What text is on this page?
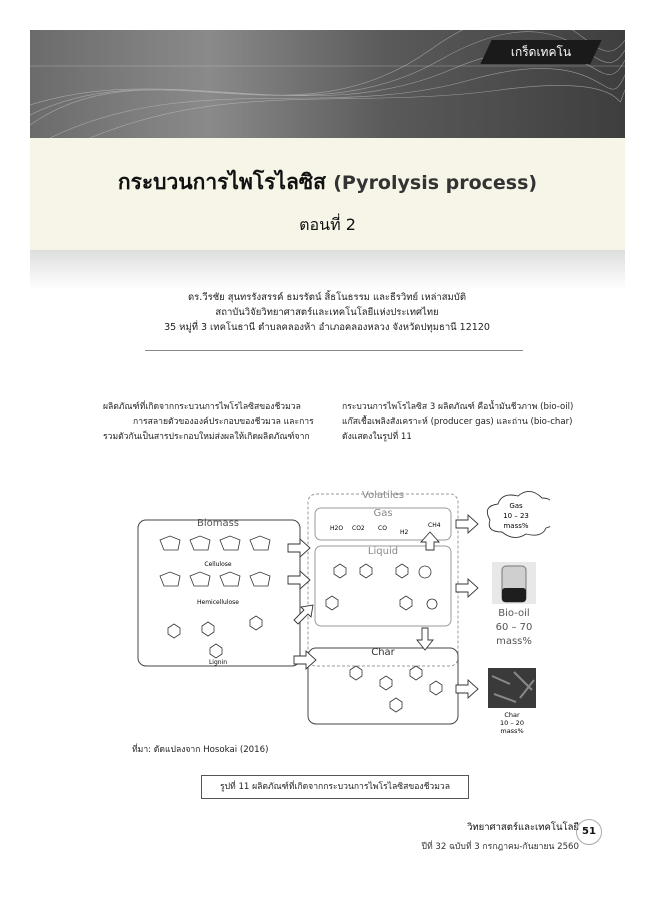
เกร็ดเทคโน
กระบวนการไพโรไลซิส (Pyrolysis process)
ตอนที่ 2
ดร.วีรชัย สุนทรรังสรรค์ ธมรรัตน์ สิ้ธโนธรรม และธีรวิทย์ เหล่าสมบัติ
สถาบันวิจัยวิทยาศาสตร์และเทคโนโลยีแห่งประเทศไทย
35 หมู่ที่ 3 เทคโนธานี ตำบลคลองห้า อำเภอคลองหลวง จังหวัดปทุมธานี 12120
ผลิตภัณฑ์ที่เกิดจากกระบวนการไพโรไลซิสของชีวมวล
การสลายตัวขององค์ประกอบของชีวมวล และการ
รวมตัวกันเป็นสารประกอบใหม่ส่งผลให้เกิดผลิตภัณฑ์จาก
กระบวนการไพโรไลซิส 3 ผลิตภัณฑ์ คือน้ำมันชีวภาพ (bio-oil)
แก๊สเชื้อเพลิงสังเคราะห์ (producer gas) และถ่าน (bio-char)
ดังแสดงในรูปที่ 11
Volatiles
Gas
H2O CO2 CO
H2
CH4
Liquid
Biomass
Cellulose
Hemicellulose
Lignin
Char
Gas
10 – 23
mass%
Bio-oil
60 – 70
mass%
Char
10 – 20
mass%
ที่มา: ดัดแปลงจาก Hosokai (2016)
รูปที่ 11 ผลิตภัณฑ์ที่เกิดจากกระบวนการไพโรไลซิสของชีวมวล
วิทยาศาสตร์และเทคโนโลยี
ปีที่ 32 ฉบับที่ 3 กรกฎาคม-กันยายน 2560
51
